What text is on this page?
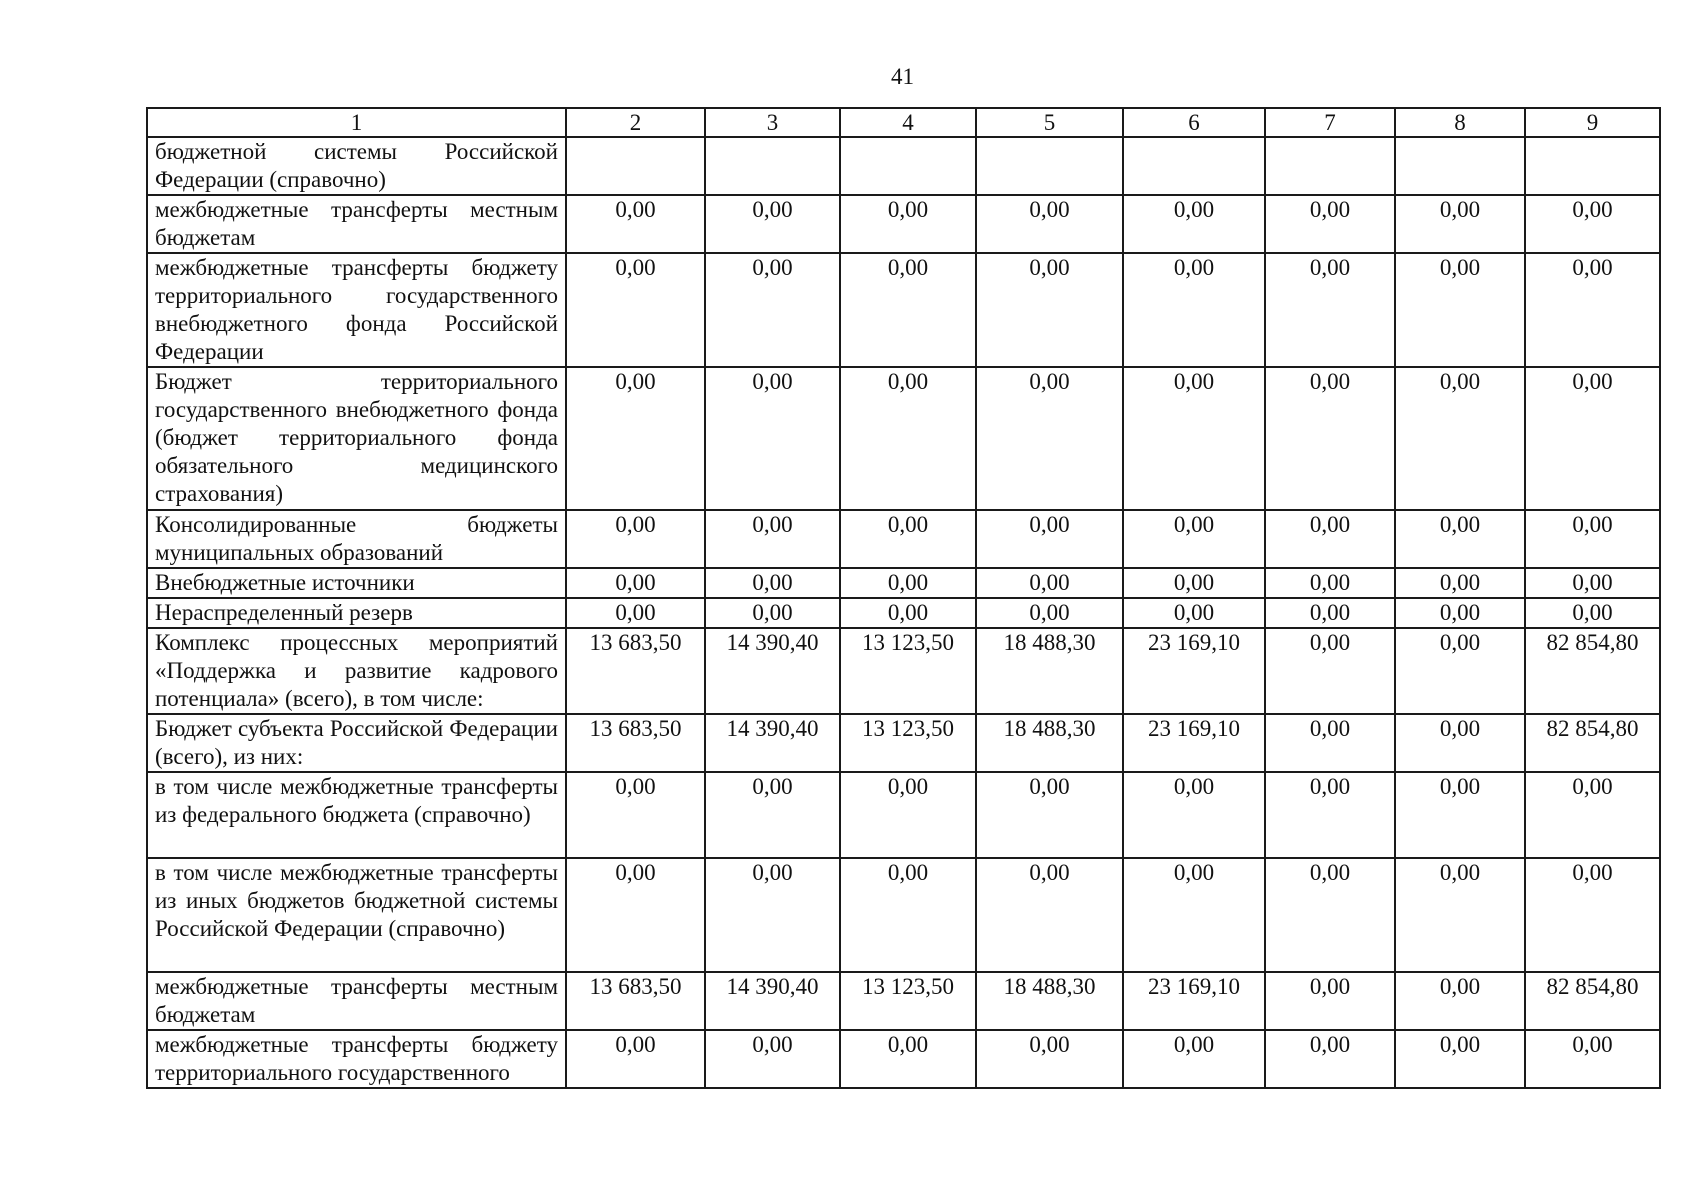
41
1	2	3	4	5	6	7	8	9
бюджетной системы Российской Федерации (справочно)								
межбюджетные трансферты местным бюджетам	0,00	0,00	0,00	0,00	0,00	0,00	0,00	0,00
межбюджетные трансферты бюджету территориального государственного внебюджетного фонда Российской Федерации	0,00	0,00	0,00	0,00	0,00	0,00	0,00	0,00
Бюджет территориального государственного внебюджетного фонда (бюджет территориального фонда обязательного медицинского страхования)	0,00	0,00	0,00	0,00	0,00	0,00	0,00	0,00
Консолидированные бюджеты муниципальных образований	0,00	0,00	0,00	0,00	0,00	0,00	0,00	0,00
Внебюджетные источники	0,00	0,00	0,00	0,00	0,00	0,00	0,00	0,00
Нераспределенный резерв	0,00	0,00	0,00	0,00	0,00	0,00	0,00	0,00
Комплекс процессных мероприятий «Поддержка и развитие кадрового потенциала» (всего), в том числе:	13 683,50	14 390,40	13 123,50	18 488,30	23 169,10	0,00	0,00	82 854,80
Бюджет субъекта Российской Федерации (всего), из них:	13 683,50	14 390,40	13 123,50	18 488,30	23 169,10	0,00	0,00	82 854,80
в том числе межбюджетные трансферты из федерального бюджета (справочно)	0,00	0,00	0,00	0,00	0,00	0,00	0,00	0,00
в том числе межбюджетные трансферты из иных бюджетов бюджетной системы Российской Федерации (справочно)	0,00	0,00	0,00	0,00	0,00	0,00	0,00	0,00
межбюджетные трансферты местным бюджетам	13 683,50	14 390,40	13 123,50	18 488,30	23 169,10	0,00	0,00	82 854,80
межбюджетные трансферты бюджету территориального государственного	0,00	0,00	0,00	0,00	0,00	0,00	0,00	0,00
